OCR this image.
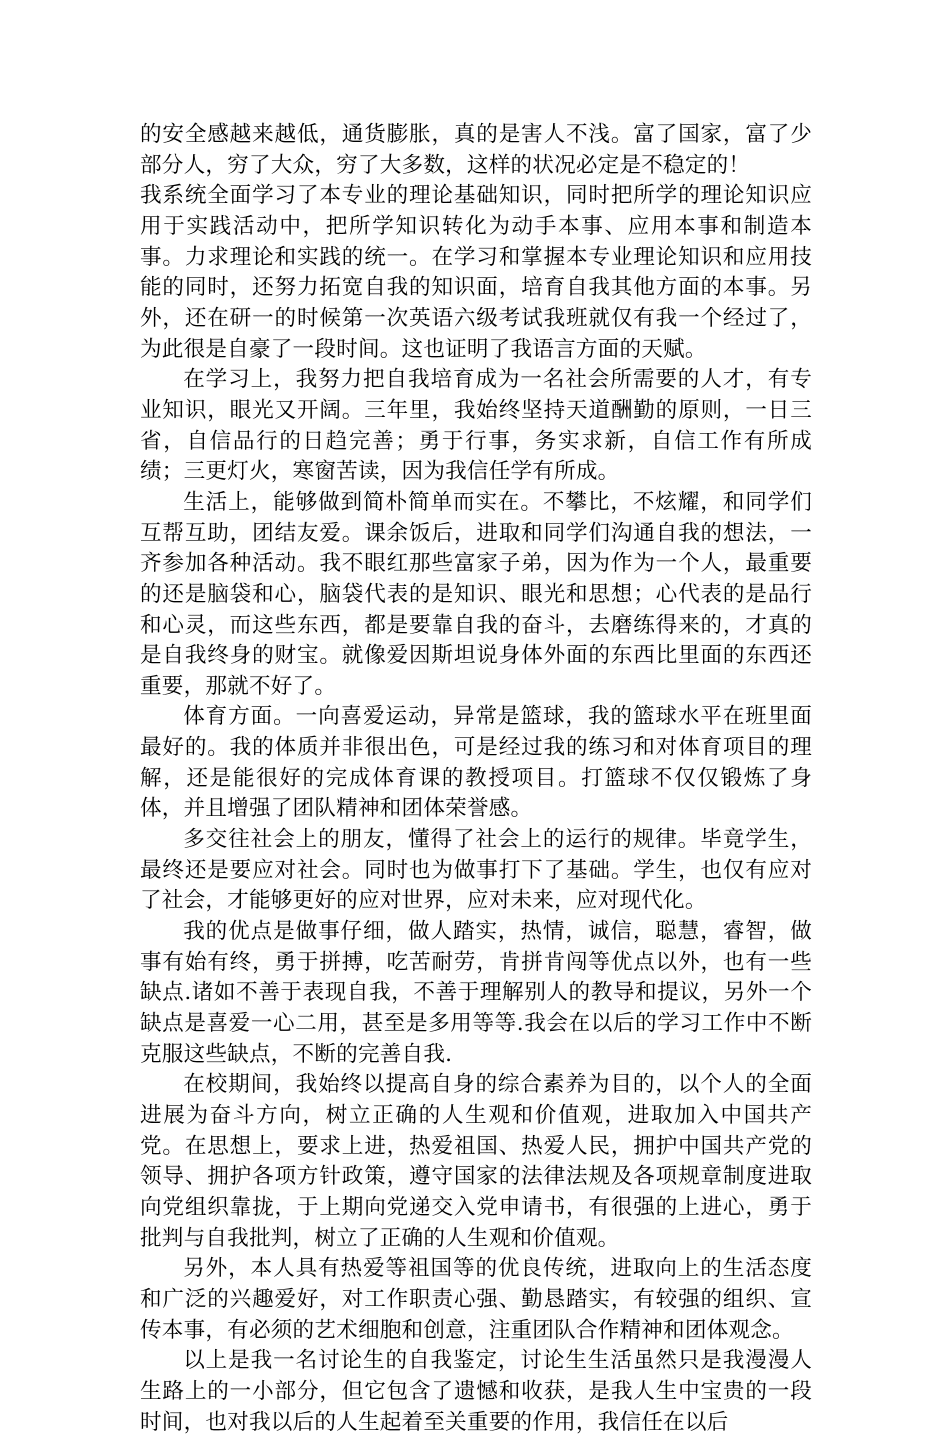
的安全感越来越低，通货膨胀，真的是害人不浅。富了国家，富了少部分人，穷了大众，穷了大多数，这样的状况必定是不稳定的！

我系统全面学习了本专业的理论基础知识，同时把所学的理论知识应用于实践活动中，把所学知识转化为动手本事、应用本事和制造本事。力求理论和实践的统一。在学习和掌握本专业理论知识和应用技能的同时，还努力拓宽自我的知识面，培育自我其他方面的本事。另外，还在研一的时候第一次英语六级考试我班就仅有我一个经过了，为此很是自豪了一段时间。这也证明了我语言方面的天赋。

在学习上，我努力把自我培育成为一名社会所需要的人才，有专业知识，眼光又开阔。三年里，我始终坚持天道酬勤的原则，一日三省，自信品行的日趋完善；勇于行事，务实求新，自信工作有所成绩；三更灯火，寒窗苦读，因为我信任学有所成。

生活上，能够做到简朴简单而实在。不攀比，不炫耀，和同学们互帮互助，团结友爱。课余饭后，进取和同学们沟通自我的想法，一齐参加各种活动。我不眼红那些富家子弟，因为作为一个人，最重要的还是脑袋和心，脑袋代表的是知识、眼光和思想；心代表的是品行和心灵，而这些东西，都是要靠自我的奋斗，去磨练得来的，才真的是自我终身的财宝。就像爱因斯坦说身体外面的东西比里面的东西还重要，那就不好了。

体育方面。一向喜爱运动，异常是篮球，我的篮球水平在班里面最好的。我的体质并非很出色，可是经过我的练习和对体育项目的理解，还是能很好的完成体育课的教授项目。打篮球不仅仅锻炼了身体，并且增强了团队精神和团体荣誉感。

多交往社会上的朋友，懂得了社会上的运行的规律。毕竟学生，最终还是要应对社会。同时也为做事打下了基础。学生，也仅有应对了社会，才能够更好的应对世界，应对未来，应对现代化。

我的优点是做事仔细，做人踏实，热情，诚信，聪慧，睿智，做事有始有终，勇于拼搏，吃苦耐劳，肯拼肯闯等优点以外，也有一些缺点.诸如不善于表现自我，不善于理解别人的教导和提议，另外一个缺点是喜爱一心二用，甚至是多用等等.我会在以后的学习工作中不断克服这些缺点，不断的完善自我.

在校期间，我始终以提高自身的综合素养为目的，以个人的全面进展为奋斗方向，树立正确的人生观和价值观，进取加入中国共产党。在思想上，要求上进，热爱祖国、热爱人民，拥护中国共产党的领导、拥护各项方针政策，遵守国家的法律法规及各项规章制度进取向党组织靠拢，于上期向党递交入党申请书，有很强的上进心，勇于批判与自我批判，树立了正确的人生观和价值观。

另外，本人具有热爱等祖国等的优良传统，进取向上的生活态度和广泛的兴趣爱好，对工作职责心强、勤恳踏实，有较强的组织、宣传本事，有必须的艺术细胞和创意，注重团队合作精神和团体观念。

以上是我一名讨论生的自我鉴定，讨论生生活虽然只是我漫漫人生路上的一小部分，但它包含了遗憾和收获，是我人生中宝贵的一段时间，也对我以后的人生起着至关重要的作用，我信任在以后
